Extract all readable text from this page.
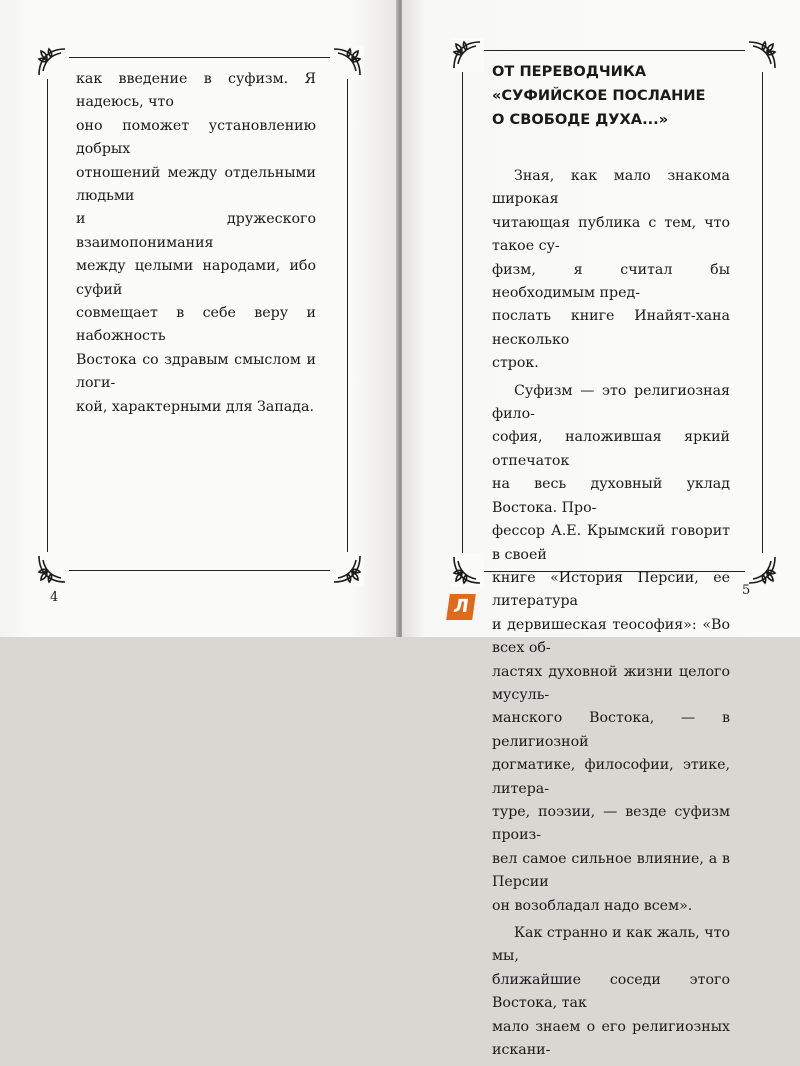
как введение в суфизм. Я надеюсь, что
оно поможет установлению добрых
отношений между отдельными людьми
и дружеского взаимопонимания
между целыми народами, ибо суфий
совмещает в себе веру и набожность
Востока со здравым смыслом и логи-
кой, характерными для Запада.
4
ОТ ПЕРЕВОДЧИКА
«СУФИЙСКОЕ ПОСЛАНИЕ
О СВОБОДЕ ДУХА...»
Зная, как мало знакома широкая
читающая публика с тем, что такое су-
физм, я считал бы необходимым пред-
послать книге Инайят-хана несколько
строк.
Суфизм — это религиозная фило-
софия, наложившая яркий отпечаток
на весь духовный уклад Востока. Про-
фессор А.Е. Крымский говорит в своей
книге «История Персии, ее литература
и дервишеская теософия»: «Во всех об-
ластях духовной жизни целого мусуль-
манского Востока, — в религиозной
догматике, философии, этике, литера-
туре, поэзии, — везде суфизм произ-
вел самое сильное влияние, а в Персии
он возобладал надо всем».
Как странно и как жаль, что мы,
ближайшие соседи этого Востока, так
мало знаем о его религиозных искани-
5
Л
